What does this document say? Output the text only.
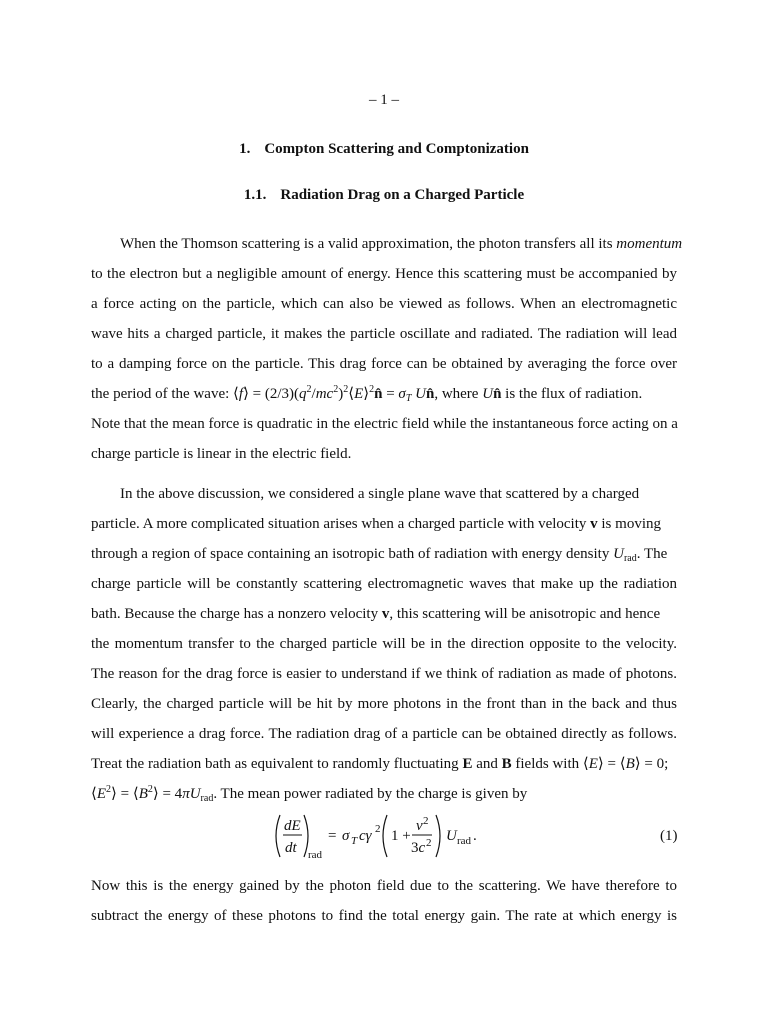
– 1 –
1. Compton Scattering and Comptonization
1.1. Radiation Drag on a Charged Particle
When the Thomson scattering is a valid approximation, the photon transfers all its momentum
to the electron but a negligible amount of energy. Hence this scattering must be accompanied by
a force acting on the particle, which can also be viewed as follows. When an electromagnetic
wave hits a charged particle, it makes the particle oscillate and radiated. The radiation will lead
to a damping force on the particle. This drag force can be obtained by averaging the force over
the period of the wave: ⟨f⟩ = $(2/3)(q^2/mc^2)^2⟨E⟩^2n̂ = \sigma_T$ Un̂, where Un̂ is the flux of radiation.
Note that the mean force is quadratic in the electric field while the instantaneous force acting on a
charge particle is linear in the electric field.
In the above discussion, we considered a single plane wave that scattered by a charged
particle. A more complicated situation arises when a charged particle with velocity v is moving
through a region of space containing an isotropic bath of radiation with energy density $U_{rad}$. The
charge particle will be constantly scattering electromagnetic waves that make up the radiation
bath. Because the charge has a nonzero velocity v, this scattering will be anisotropic and hence
the momentum transfer to the charged particle will be in the direction opposite to the velocity.
The reason for the drag force is easier to understand if we think of radiation as made of photons.
Clearly, the charged particle will be hit by more photons in the front than in the back and thus
will experience a drag force. The radiation drag of a particle can be obtained directly as follows.
Treat the radiation bath as equivalent to randomly fluctuating E and B fields with ⟨E⟩ = ⟨B⟩ = 0;
$⟨E^2⟩$ = $⟨B^2⟩ = 4\pi U_{rad}$. The mean power radiated by the charge is given by
dE
dt rad
= σ T cγ 2 1 +
v 2
3c 2 U rad .	(1)
Now this is the energy gained by the photon field due to the scattering. We have therefore to
subtract the energy of these photons to find the total energy gain. The rate at which energy is
